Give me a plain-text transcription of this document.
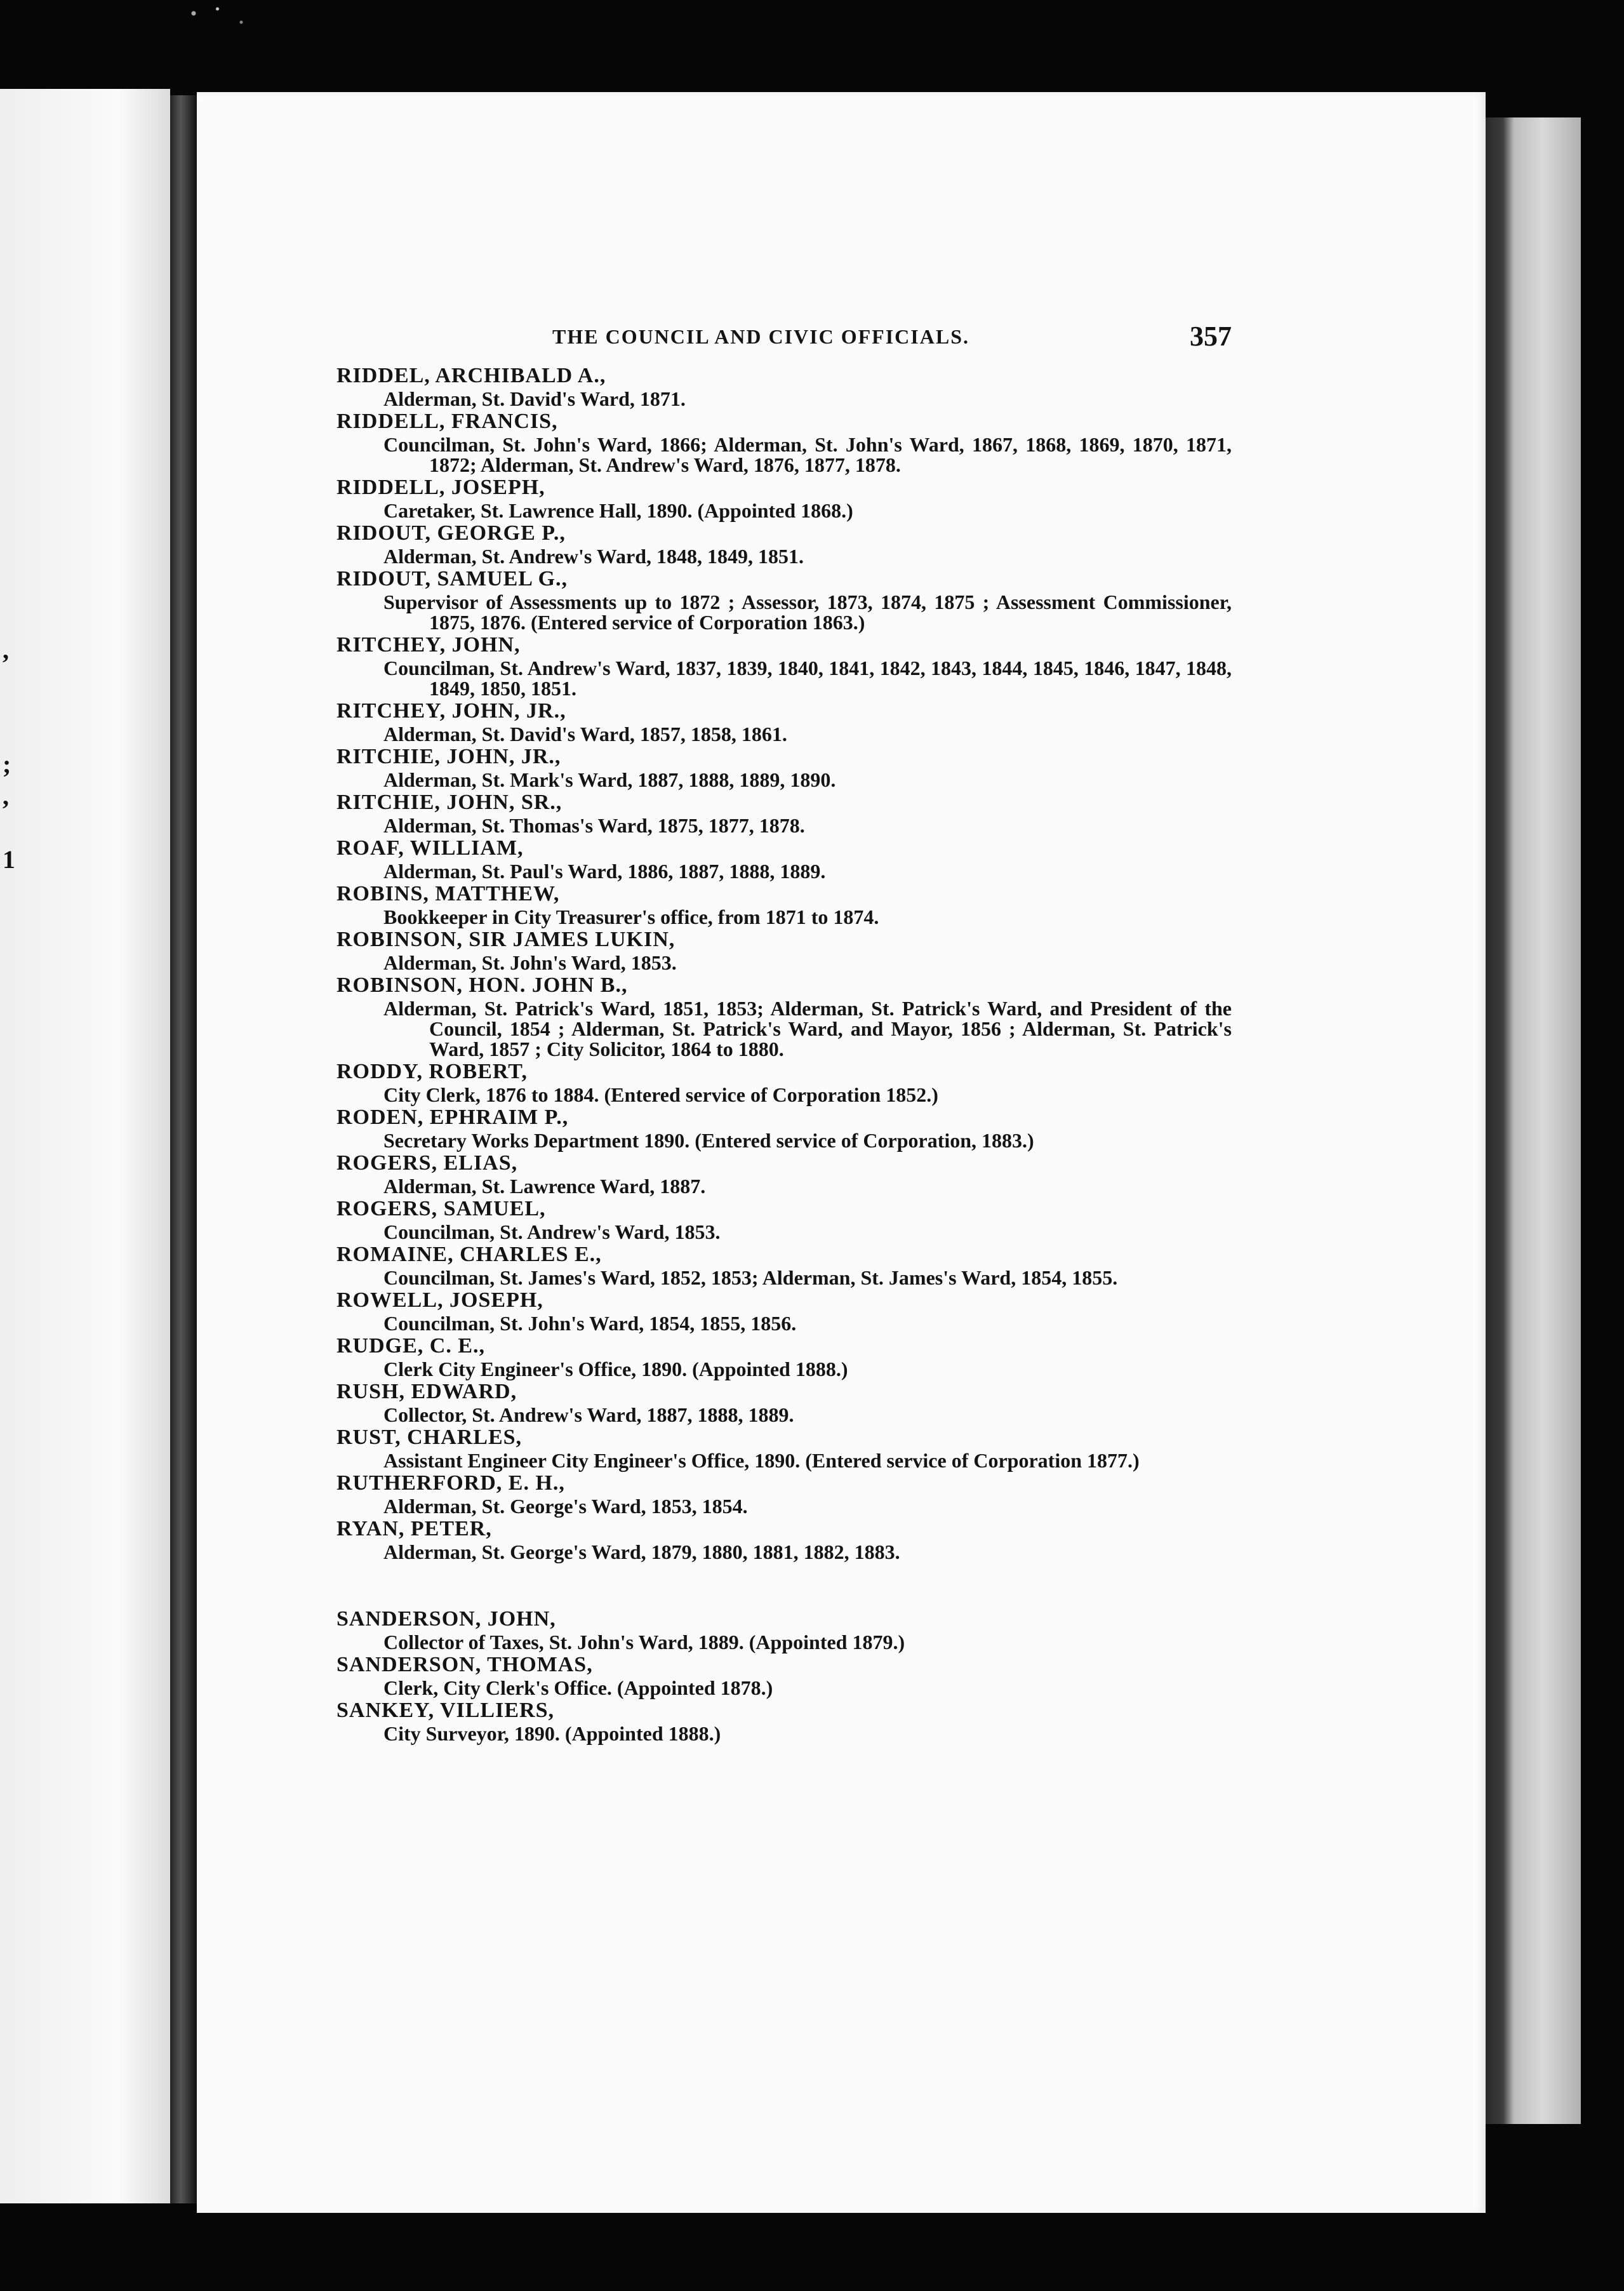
,
;
,
1
THE COUNCIL AND CIVIC OFFICIALS.	357
RIDDEL, ARCHIBALD A.,
Alderman, St. David's Ward, 1871.
RIDDELL, FRANCIS,
Councilman, St. John's Ward, 1866; Alderman, St. John's Ward, 1867, 1868, 1869, 1870, 1871, 1872; Alderman, St. Andrew's Ward, 1876, 1877, 1878.
RIDDELL, JOSEPH,
Caretaker, St. Lawrence Hall, 1890. (Appointed 1868.)
RIDOUT, GEORGE P.,
Alderman, St. Andrew's Ward, 1848, 1849, 1851.
RIDOUT, SAMUEL G.,
Supervisor of Assessments up to 1872 ; Assessor, 1873, 1874, 1875 ; Assessment Commissioner, 1875, 1876. (Entered service of Corporation 1863.)
RITCHEY, JOHN,
Councilman, St. Andrew's Ward, 1837, 1839, 1840, 1841, 1842, 1843, 1844, 1845, 1846, 1847, 1848, 1849, 1850, 1851.
RITCHEY, JOHN, JR.,
Alderman, St. David's Ward, 1857, 1858, 1861.
RITCHIE, JOHN, JR.,
Alderman, St. Mark's Ward, 1887, 1888, 1889, 1890.
RITCHIE, JOHN, SR.,
Alderman, St. Thomas's Ward, 1875, 1877, 1878.
ROAF, WILLIAM,
Alderman, St. Paul's Ward, 1886, 1887, 1888, 1889.
ROBINS, MATTHEW,
Bookkeeper in City Treasurer's office, from 1871 to 1874.
ROBINSON, SIR JAMES LUKIN,
Alderman, St. John's Ward, 1853.
ROBINSON, HON. JOHN B.,
Alderman, St. Patrick's Ward, 1851, 1853; Alderman, St. Patrick's Ward, and President of the Council, 1854 ; Alderman, St. Patrick's Ward, and Mayor, 1856 ; Alderman, St. Patrick's Ward, 1857 ; City Solicitor, 1864 to 1880.
RODDY, ROBERT,
City Clerk, 1876 to 1884. (Entered service of Corporation 1852.)
RODEN, EPHRAIM P.,
Secretary Works Department 1890. (Entered service of Corporation, 1883.)
ROGERS, ELIAS,
Alderman, St. Lawrence Ward, 1887.
ROGERS, SAMUEL,
Councilman, St. Andrew's Ward, 1853.
ROMAINE, CHARLES E.,
Councilman, St. James's Ward, 1852, 1853; Alderman, St. James's Ward, 1854, 1855.
ROWELL, JOSEPH,
Councilman, St. John's Ward, 1854, 1855, 1856.
RUDGE, C. E.,
Clerk City Engineer's Office, 1890. (Appointed 1888.)
RUSH, EDWARD,
Collector, St. Andrew's Ward, 1887, 1888, 1889.
RUST, CHARLES,
Assistant Engineer City Engineer's Office, 1890. (Entered service of Corporation 1877.)
RUTHERFORD, E. H.,
Alderman, St. George's Ward, 1853, 1854.
RYAN, PETER,
Alderman, St. George's Ward, 1879, 1880, 1881, 1882, 1883.
SANDERSON, JOHN,
Collector of Taxes, St. John's Ward, 1889. (Appointed 1879.)
SANDERSON, THOMAS,
Clerk, City Clerk's Office. (Appointed 1878.)
SANKEY, VILLIERS,
City Surveyor, 1890. (Appointed 1888.)
